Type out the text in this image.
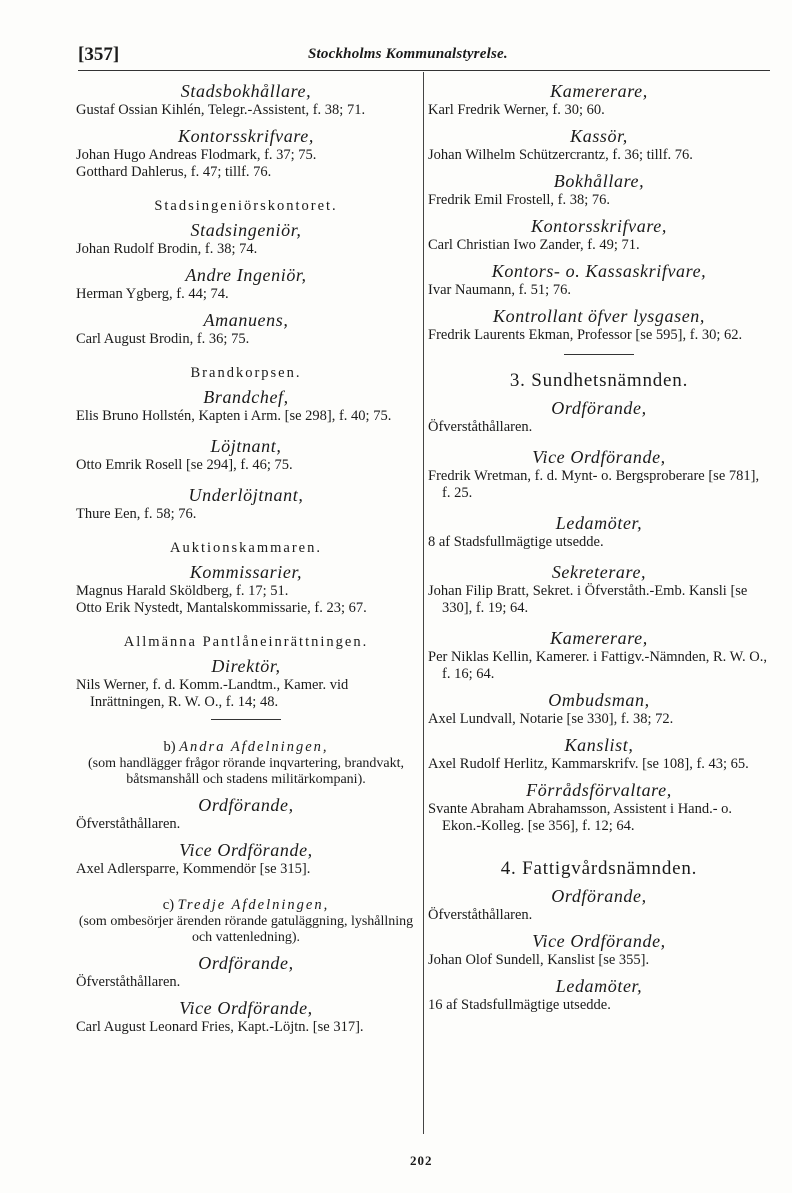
[357]	Stockholms Kommunalstyrelse.
Stadsbokhållare,
Gustaf Ossian Kihlén, Telegr.-Assistent, f. 38; 71.
Kontorsskrifvare,
Johan Hugo Andreas Flodmark, f. 37; 75.
Gotthard Dahlerus, f. 47; tillf. 76.
Stadsingeniörskontoret.
Stadsingeniör,
Johan Rudolf Brodin, f. 38; 74.
Andre Ingeniör,
Herman Ygberg, f. 44; 74.
Amanuens,
Carl August Brodin, f. 36; 75.
Brandkorpsen.
Brandchef,
Elis Bruno Hollstén, Kapten i Arm. [se 298], f. 40; 75.
Löjtnant,
Otto Emrik Rosell [se 294], f. 46; 75.
Underlöjtnant,
Thure Een, f. 58; 76.
Auktionskammaren.
Kommissarier,
Magnus Harald Sköldberg, f. 17; 51.
Otto Erik Nystedt, Mantalskommissarie, f. 23; 67.
Allmänna Pantlåneinrättningen.
Direktör,
Nils Werner, f. d. Komm.-Landtm., Kamer. vid Inrättningen, R. W. O., f. 14; 48.
b) Andra Afdelningen,
(som handlägger frågor rörande inqvartering, brandvakt, båtsmanshåll och stadens militärkompani).
Ordförande,
Öfverståthållaren.
Vice Ordförande,
Axel Adlersparre, Kommendör [se 315].
c) Tredje Afdelningen,
(som ombesörjer ärenden rörande gatuläggning, lyshållning och vattenledning).
Ordförande,
Öfverståthållaren.
Vice Ordförande,
Carl August Leonard Fries, Kapt.-Löjtn. [se 317].
Kamererare,
Karl Fredrik Werner, f. 30; 60.
Kassör,
Johan Wilhelm Schützercrantz, f. 36; tillf. 76.
Bokhållare,
Fredrik Emil Frostell, f. 38; 76.
Kontorsskrifvare,
Carl Christian Iwo Zander, f. 49; 71.
Kontors- o. Kassaskrifvare,
Ivar Naumann, f. 51; 76.
Kontrollant öfver lysgasen,
Fredrik Laurents Ekman, Professor [se 595], f. 30; 62.
3. Sundhetsnämnden.
Ordförande,
Öfverståthållaren.
Vice Ordförande,
Fredrik Wretman, f. d. Mynt- o. Bergsproberare [se 781], f. 25.
Ledamöter,
8 af Stadsfullmägtige utsedde.
Sekreterare,
Johan Filip Bratt, Sekret. i Öfverståth.-Emb. Kansli [se 330], f. 19; 64.
Kamererare,
Per Niklas Kellin, Kamerer. i Fattigv.-Nämnden, R. W. O., f. 16; 64.
Ombudsman,
Axel Lundvall, Notarie [se 330], f. 38; 72.
Kanslist,
Axel Rudolf Herlitz, Kammarskrifv. [se 108], f. 43; 65.
Förrådsförvaltare,
Svante Abraham Abrahamsson, Assistent i Hand.- o. Ekon.-Kolleg. [se 356], f. 12; 64.
4. Fattigvårdsnämnden.
Ordförande,
Öfverståthållaren.
Vice Ordförande,
Johan Olof Sundell, Kanslist [se 355].
Ledamöter,
16 af Stadsfullmägtige utsedde.
202
